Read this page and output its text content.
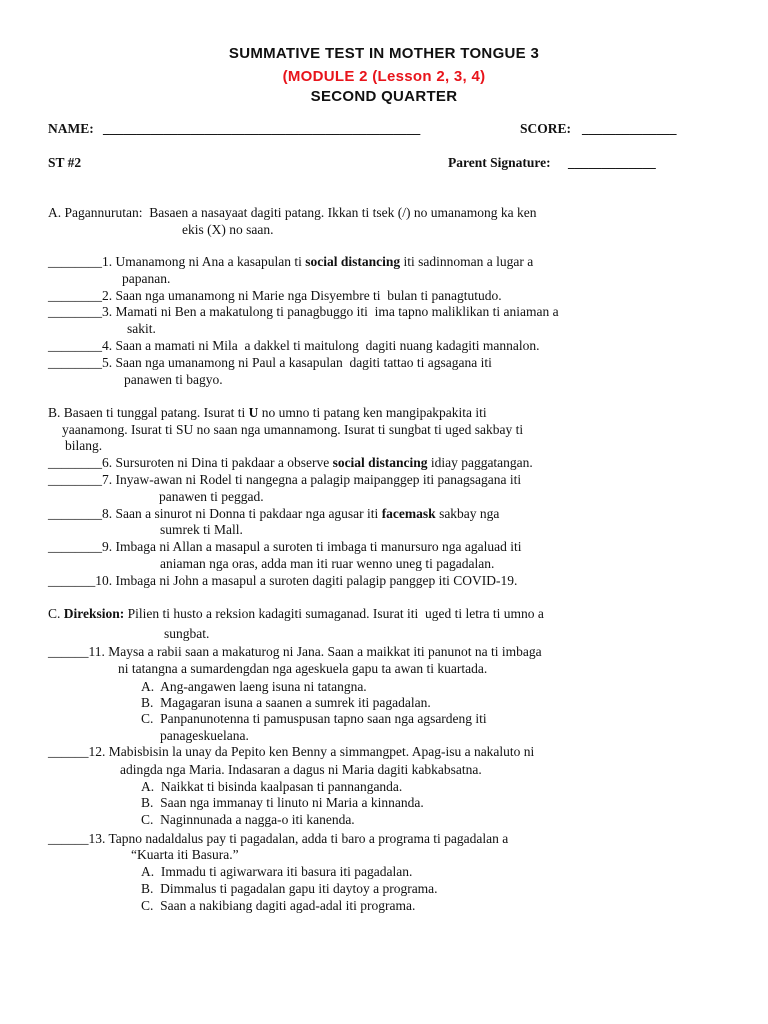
SUMMATIVE TEST IN MOTHER TONGUE 3
(MODULE 2 (Lesson 2, 3, 4)
SECOND QUARTER
NAME: _______________________________________________	SCORE: ______________
ST #2	Parent Signature: _____________
A. Pagannurutan:  Basaen a nasayaat dagiti patang. Ikkan ti tsek (/) no umanamong ka ken
ekis (X) no saan.
________1. Umanamong ni Ana a kasapulan ti social distancing iti sadinnoman a lugar a
papanan.
________2. Saan nga umanamong ni Marie nga Disyembre ti  bulan ti panagtutudo.
________3. Mamati ni Ben a makatulong ti panagbuggo iti  ima tapno maliklikan ti aniaman a
sakit.
________4. Saan a mamati ni Mila  a dakkel ti maitulong  dagiti nuang kadagiti mannalon.
________5. Saan nga umanamong ni Paul a kasapulan  dagiti tattao ti agsagana iti
panawen ti bagyo.
B. Basaen ti tunggal patang. Isurat ti U no umno ti patang ken mangipakpakita iti
yaanamong. Isurat ti SU no saan nga umannamong. Isurat ti sungbat ti uged sakbay ti
bilang.
________6. Sursuroten ni Dina ti pakdaar a observe social distancing idiay paggatangan.
________7. Inyaw-awan ni Rodel ti nangegna a palagip maipanggep iti panagsagana iti
panawen ti peggad.
________8. Saan a sinurot ni Donna ti pakdaar nga agusar iti facemask sakbay nga
sumrek ti Mall.
________9. Imbaga ni Allan a masapul a suroten ti imbaga ti manursuro nga agaluad iti
aniaman nga oras, adda man iti ruar wenno uneg ti pagadalan.
_______10. Imbaga ni John a masapul a suroten dagiti palagip panggep iti COVID-19.
C. Direksion: Pilien ti husto a reksion kadagiti sumaganad. Isurat iti  uged ti letra ti umno a
sungbat.
______11. Maysa a rabii saan a makaturog ni Jana. Saan a maikkat iti panunot na ti imbaga
ni tatangna a sumardengdan nga ageskuela gapu ta awan ti kuartada.
A.  Ang-angawen laeng isuna ni tatangna.
B.  Magagaran isuna a saanen a sumrek iti pagadalan.
C.  Panpanunotenna ti pamuspusan tapno saan nga agsardeng iti
panageskuelana.
______12. Mabisbisin la unay da Pepito ken Benny a simmangpet. Apag-isu a nakaluto ni
adingda nga Maria. Indasaran a dagus ni Maria dagiti kabkabsatna.
A.  Naikkat ti bisinda kaalpasan ti pannanganda.
B.  Saan nga immanay ti linuto ni Maria a kinnanda.
C.  Naginnunada a nagga-o iti kanenda.
______13. Tapno nadaldalus pay ti pagadalan, adda ti baro a programa ti pagadalan a
“Kuarta iti Basura.”
A.  Immadu ti agiwarwara iti basura iti pagadalan.
B.  Dimmalus ti pagadalan gapu iti daytoy a programa.
C.  Saan a nakibiang dagiti agad-adal iti programa.
